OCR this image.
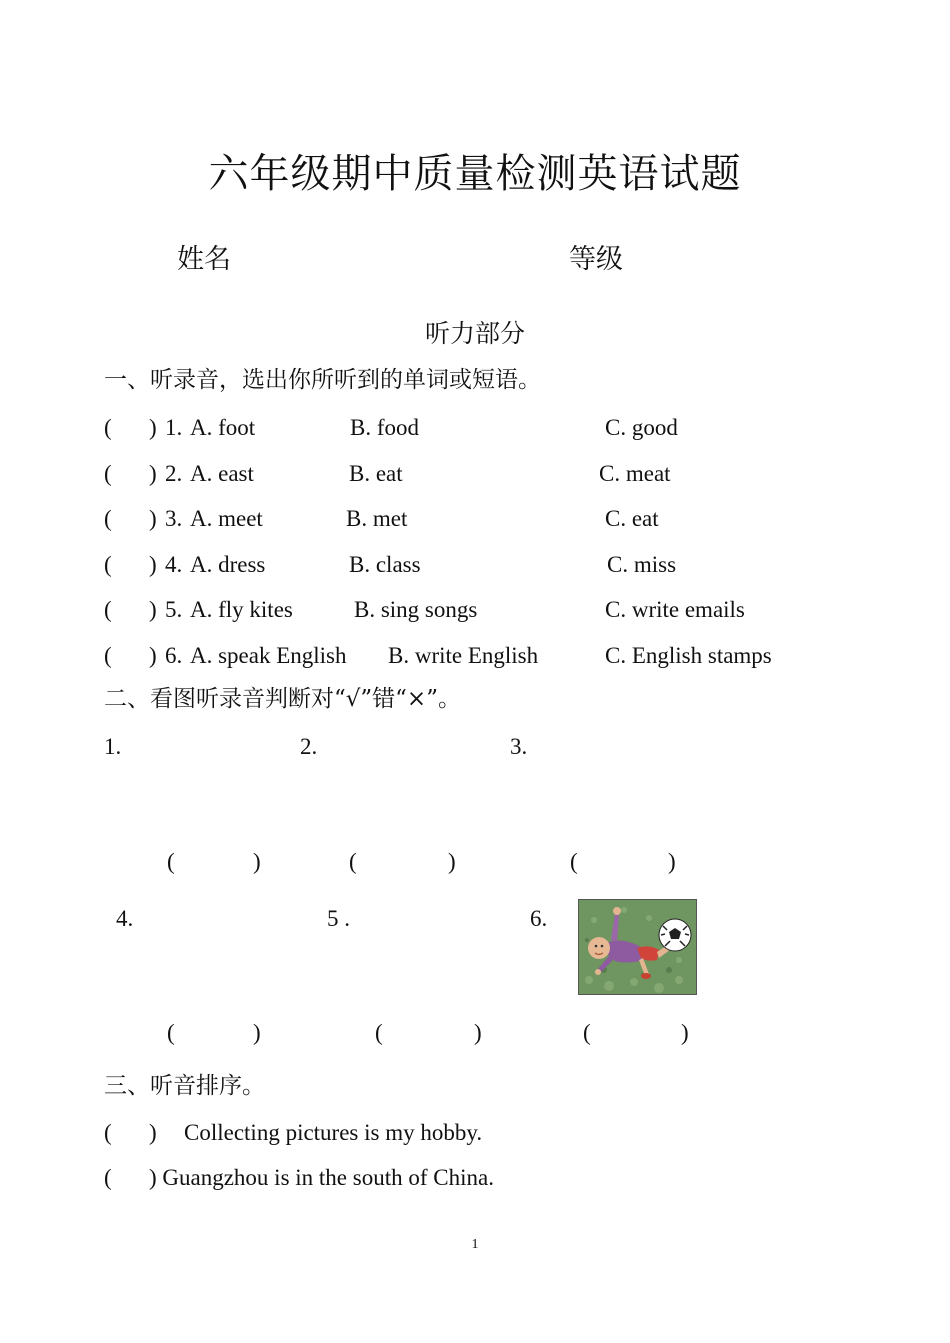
六年级期中质量检测英语试题
姓名	等级
听力部分
一、听录音，选出你所听到的单词或短语。
( ) 1. A. foot	B. food	C. good
( ) 2. A. east	B. eat	C. meat
( ) 3. A. meet	B. met	C. eat
( ) 4. A. dress	B. class	C. miss
( ) 5. A. fly kites	B. sing songs	C. write emails
( ) 6. A. speak English B. write English	C. English stamps
二、看图听录音判断对“√”错“×”。
1.	2.	3.
(	)	(	)	(	)
4.	5 .	6.
(	)	(	)	(	)
三、听音排序。
( ) Collecting pictures is my hobby.
( ) Guangzhou is in the south of China.
1
